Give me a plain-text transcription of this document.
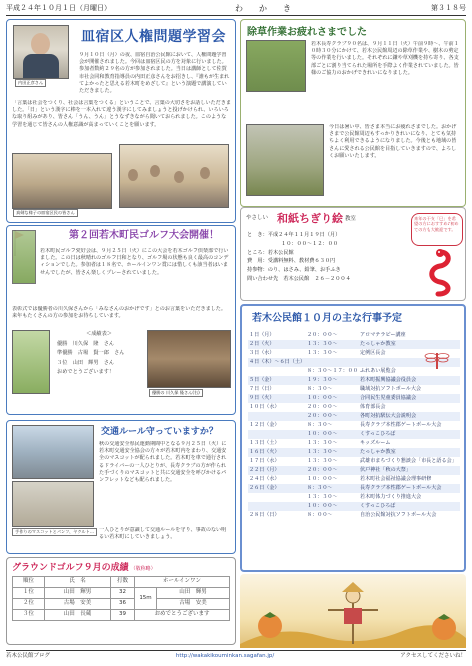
平成２４年１０月１日（月曜日）	わかき	第３１８号
内田正彦さん
皿宿区人権問題学習会
９月１０日（月）の夜、皿宿自治公民館において、人権問題学習会が開催されました。今回は皿宿区民の方を対象に行いました。参加者数約２９名の方が参加されました。当日は講師として佐賀市社会同和教育指導員の内田正彦さんをお招きし、『誰もが生まれてよかったと思える若木町をめざして』という演題で講演していただきました。
「言葉は社会をつくり、社会は言葉をつくる」ということで、言葉の大切さをお話しいただきました。「日」という漢字に棒を一本入れて違う漢字にしてみましょうと投げかけられ、いろいろな取り組みがあり、皆さん「うん、うん」とうなずきながら聞いておられました。このような学習を通じて皆さんの人権意識が高まっていくことを願います。
真剣な様子の皿宿区民の皆さん
除草作業お疲れさまでした
若木長寿クラブ９０名は、９月１１日（火）午前９時～、午前１０時３０分にかけて、若木公民館周辺の除草作業や、樹木の剪定等の作業を行いました。それぞれに鎌や草刈機を持ち寄り、各支部ごとに割り当てられた場所を手際よく作業されていました。皆様のご協力のおかげできれいになりました。
今日は暑い中、皆さま本当にお疲れさまでした。おかげさまで公民館周辺もすっかりきれいになり、とても気持ちよく利用できるようになりました。今後とも地域の皆さんに愛される公民館を目指していきますので、よろしくお願いいたします。
やさしい 和紙ちぎり絵 教室
と　き：平成２４年１１月１９日（月）
１０：００～１２：００
ところ：若木公民館
費　用：受講料無料、教材費６３０円
持参物：のり、はさみ、鉛筆、お手ふき
問い合わせ先　 若木公民館　２６－２００４
来年の干支「巳」を希望の方におすすめ♪初めての方も大歓迎です。
第２回若木町民ゴルフ大会開催！
若木町民ゴルフ愛好会は、９月２５日（火）にこの大会を若木ゴルフ倶楽部で行いました。この日は秋晴れのゴルフ日和となり、ゴルフ場の状態も良く最高のコンディションでした。参加者は１８名で、ホールインワン賞には惜しくも該当者はいませんでしたが、皆さん楽しくプレーされていました。
表彰式では優勝者の川久保さんから「みなさんのおかげです」とのお言葉をいただきました。来年もたくさんの方の参加をお待ちしています。
＜成績表＞
優勝　 川久保　隆　さん
準優勝　 古場　賢一郎　さん
３位　 山田　輝男　さん
おめでとうございます！
優勝の 川久保 隆さん(右)
交通ルール守っていますか？
秋の交通安全県民運動期間中となる９月２５日（火）に若木町交通安全協会の方々が若木町内をまわり、交通安全のマスコットが配られました。若木町を車で通行されるドライバーの一人ひとりが、長寿クラブの方が作られた手づくりのマスコットと共に交通安全を呼びかけるパンフレットなども配られました。
手作りのマスコットとパンフ、ヤクルト… 一人ひとりが意識して交通ルールを守り、事故のない明るい若木町にしていきましょう。
グラウンドゴルフ９月の成績 （敬称略）
順位	氏　名	打数	ホールインワン	
１位	山田　輝男	32	15m	山田　輝男
２位	古場　安美	36		古場　安美
３位	山田　長蔵	39	おめでとうございます	
若木公民館１０月の主な行事予定
１日（月）	２０：００～	アロマテラピー講座
２日（火）	１３：３０～	たっしゃか教室
３日（水）	１３：３０～	定例区長会
４日（木）～６日（土）		
	８：３０～１７：００	ふれあい展覧会
５日（金）	１９：３０～	若木町振興協議会役員会
７日（日）	８：３０～	職域対抗ソフトボール大会
９日（火）	１０：００～	合同民生児童委員協議会
１０日（水）	２０：００～	体育部長会
	２０：００～	各町対抗駅伝大会説明会
１２日（金）	８：３０～	長寿クラブ本性郡ゲートボール大会
	１０：００～	くすっこひろば
１３日（土）	１３：３０～	キッズルーム
１６日（火）	１３：３０～	たっしゃか教室
１７日（水）	１３：３０～	武雄市まちづくり懇談会「市長と語る会」
２２日（月）	２０：００～	伏戸神社「秋の大祭」
２４日（水）	１０：００～	若木町社会福祉協議会理事研修
２６日（金）	８：３０～	長寿クラブ本性郡ゲートボール大会
	１３：３０～	若木町体力づくり推進大会
	１０：００～	くすっこひろば
２８日（日）	８：００～	自治公民館対抗ソフトボール大会
若木公民館ブログ	http://wakakikouminkan.sagafan.jp/	アクセスしてくださいね！
